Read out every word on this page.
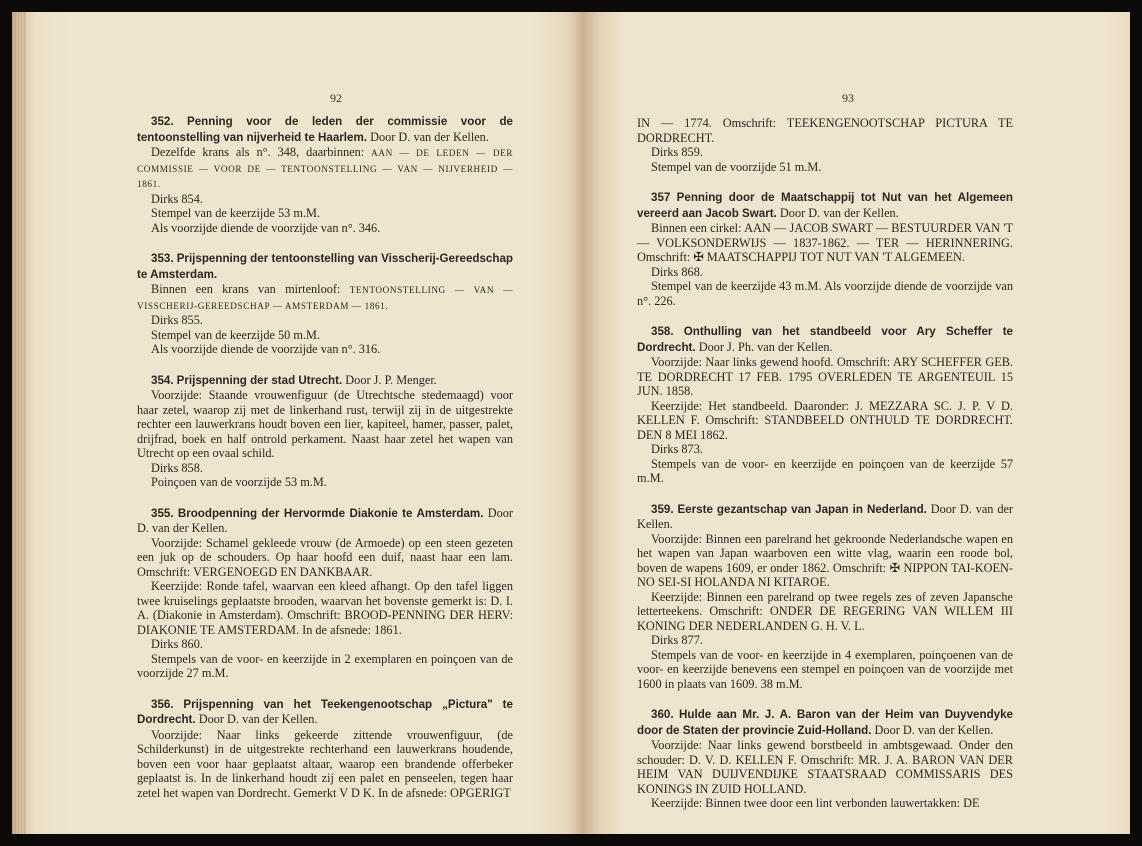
92

352. Penning voor de leden der commissie voor de tentoonstelling van nijverheid te Haarlem. Door D. van der Kellen.

Dezelfde krans als n°. 348, daarbinnen: AAN — DE LEDEN — DER COMMISSIE — VOOR DE — TENTOONSTELLING — VAN — NIJVERHEID — 1861.

Dirks 854.

Stempel van de keerzijde 53 m.M.

Als voorzijde diende de voorzijde van n°. 346.

353. Prijspenning der tentoonstelling van Visscherij-Gereedschap te Amsterdam.

Binnen een krans van mirtenloof: TENTOONSTELLING — VAN — VISSCHERIJ-GEREEDSCHAP — AMSTERDAM — 1861.

Dirks 855.

Stempel van de keerzijde 50 m.M.

Als voorzijde diende de voorzijde van n°. 316.

354. Prijspenning der stad Utrecht. Door J. P. Menger.

Voorzijde: Staande vrouwenfiguur (de Utrechtsche stedemaagd) voor haar zetel, waarop zij met de linkerhand rust, terwijl zij in de uitgestrekte rechter een lauwerkrans houdt boven een lier, kapiteel, hamer, passer, palet, drijfrad, boek en half ontrold perkament. Naast haar zetel het wapen van Utrecht op een ovaal schild.

Dirks 858.

Poinçoen van de voorzijde 53 m.M.

355. Broodpenning der Hervormde Diakonie te Amsterdam. Door D. van der Kellen.

Voorzijde: Schamel gekleede vrouw (de Armoede) op een steen gezeten een juk op de schouders. Op haar hoofd een duif, naast haar een lam. Omschrift: VERGENOEGD EN DANKBAAR.

Keerzijde: Ronde tafel, waarvan een kleed afhangt. Op den tafel liggen twee kruiselings geplaatste brooden, waarvan het bovenste gemerkt is: D. I. A. (Diakonie in Amsterdam). Omschrift: BROOD-PENNING DER HERV: DIAKONIE TE AMSTERDAM. In de afsnede: 1861.

Dirks 860.

Stempels van de voor- en keerzijde in 2 exemplaren en poinçoen van de voorzijde 27 m.M.

356. Prijspenning van het Teekengenootschap „Pictura" te Dordrecht. Door D. van der Kellen.

Voorzijde: Naar links gekeerde zittende vrouwenfiguur, (de Schilderkunst) in de uitgestrekte rechterhand een lauwerkrans houdende, boven een voor haar geplaatst altaar, waarop een brandende offerbeker geplaatst is. In de linkerhand houdt zij een palet en penseelen, tegen haar zetel het wapen van Dordrecht. Gemerkt V D K. In de afsnede: OPGERIGT

93

IN — 1774. Omschrift: TEEKENGENOOTSCHAP PICTURA TE DORDRECHT.

Dirks 859.

Stempel van de voorzijde 51 m.M.

357 Penning door de Maatschappij tot Nut van het Algemeen vereerd aan Jacob Swart. Door D. van der Kellen.

Binnen een cirkel: AAN — JACOB SWART — BESTUURDER VAN 'T — VOLKSONDERWIJS — 1837-1862. — TER — HERINNERING. Omschrift: ✠ MAATSCHAPPIJ TOT NUT VAN 'T ALGEMEEN.

Dirks 868.

Stempel van de keerzijde 43 m.M. Als voorzijde diende de voorzijde van n°. 226.

358. Onthulling van het standbeeld voor Ary Scheffer te Dordrecht. Door J. Ph. van der Kellen.

Voorzijde: Naar links gewend hoofd. Omschrift: ARY SCHEFFER GEB. TE DORDRECHT 17 FEB. 1795 OVERLEDEN TE ARGENTEUIL 15 JUN. 1858.

Keerzijde: Het standbeeld. Daaronder: J. MEZZARA SC. J. P. V D. KELLEN F. Omschrift: STANDBEELD ONTHULD TE DORDRECHT. DEN 8 MEI 1862.

Dirks 873.

Stempels van de voor- en keerzijde en poinçoen van de keerzijde 57 m.M.

359. Eerste gezantschap van Japan in Nederland. Door D. van der Kellen.

Voorzijde: Binnen een parelrand het gekroonde Nederlandsche wapen en het wapen van Japan waarboven een witte vlag, waarin een roode bol, boven de wapens 1609, er onder 1862. Omschrift: ✠ NIPPON TAI-KOEN-NO SEI-SI HOLANDA NI KITAROE.

Keerzijde: Binnen een parelrand op twee regels zes of zeven Japansche letterteekens. Omschrift: ONDER DE REGERING VAN WILLEM III KONING DER NEDERLANDEN G. H. V. L.

Dirks 877.

Stempels van de voor- en keerzijde in 4 exemplaren, poinçoenen van de voor- en keerzijde benevens een stempel en poinçoen van de voorzijde met 1600 in plaats van 1609. 38 m.M.

360. Hulde aan Mr. J. A. Baron van der Heim van Duyvendyke door de Staten der provincie Zuid-Holland. Door D. van der Kellen.

Voorzijde: Naar links gewend borstbeeld in ambtsgewaad. Onder den schouder: D. V. D. KELLEN F. Omschrift: MR. J. A. BARON VAN DER HEIM VAN DUIJVENDIJKE STAATSRAAD COMMISSARIS DES KONINGS IN ZUID HOLLAND.

Keerzijde: Binnen twee door een lint verbonden lauwertakken: DE
